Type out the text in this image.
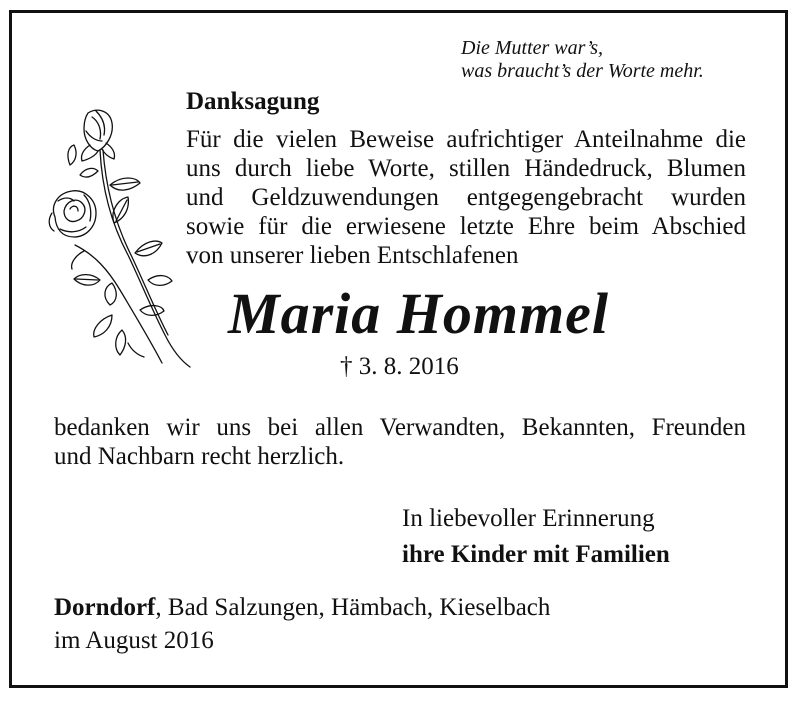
Die Mutter war’s,
was braucht’s der Worte mehr.
Danksagung
Für die vielen Beweise aufrichtiger Anteilnahme die
uns durch liebe Worte, stillen Händedruck, Blumen
und Geldzuwendungen entgegengebracht wurden
sowie für die erwiesene letzte Ehre beim Abschied
von unserer lieben Entschlafenen
Maria Hommel
† 3. 8. 2016
bedanken wir uns bei allen Verwandten, Bekannten, Freunden
und Nachbarn recht herzlich.
In liebevoller Erinnerung
ihre Kinder mit Familien
Dorndorf, Bad Salzungen, Hämbach, Kieselbach
im August 2016
